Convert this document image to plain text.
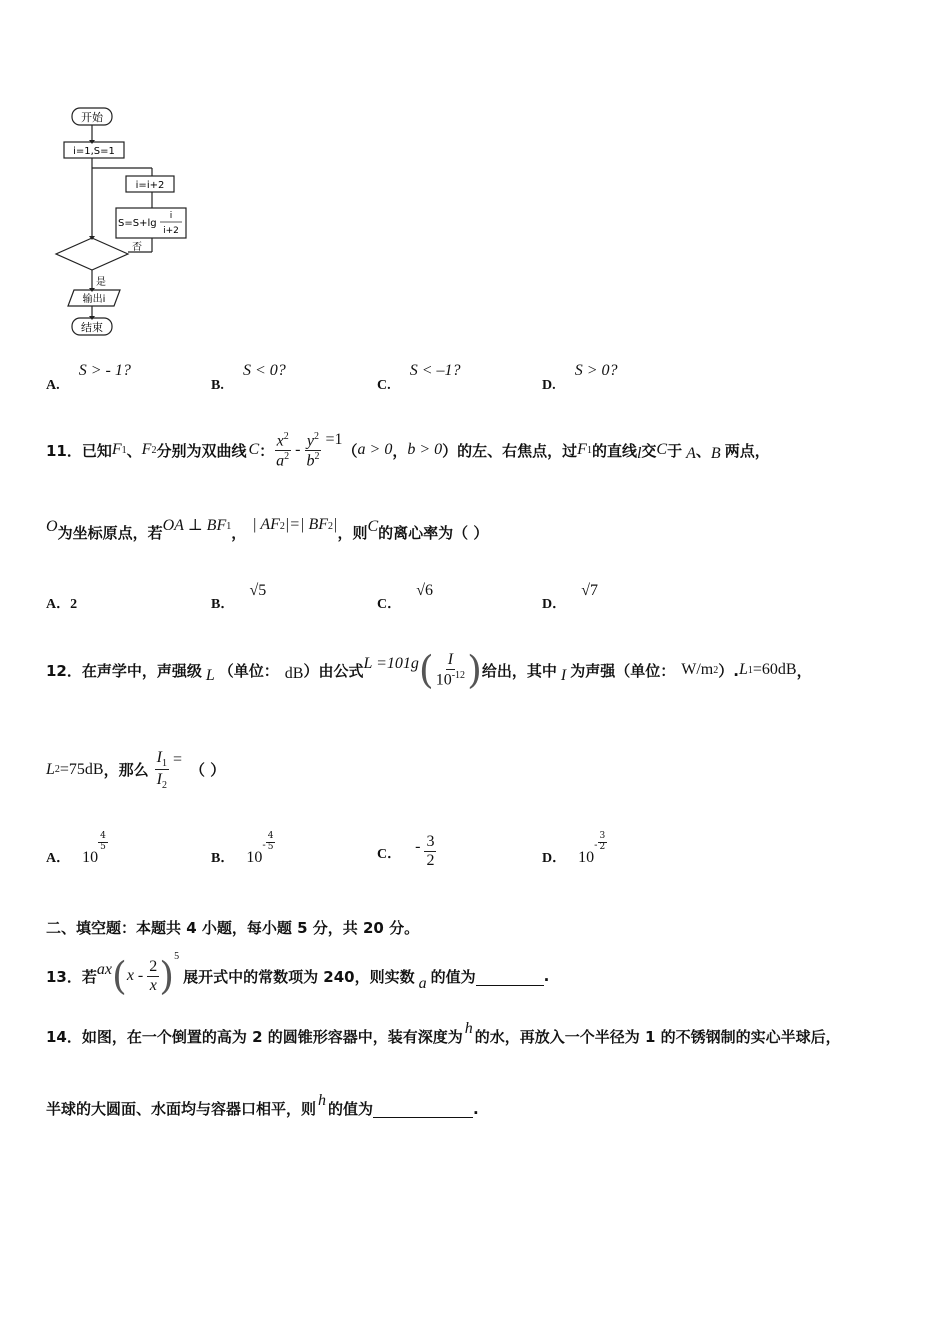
开始
i=1,S=1
i=i+2
S=S+lg
i
i+2
否
是
输出i
结束
A. S > - 1?
B. S < 0?
C. S < –1?
D. S > 0?
11．已知 F 1 、 F 2 分别为双曲线 C ： $\frac{x^2}{a^2} - \frac{y^2}{b^2} =1$
（ a > 0 ， b > 0 ）的左、右焦点，过 F 1 的直线 l 交 C 于 A 、 B 两点，
O 为坐标原点，若 OA ⊥ $BF_1$ ， | $AF_2$ |=| $BF_2$ | ，则 C 的离心率为（ ）
A．2	B． √5
C． √6
D． √7
12．在声学中，声强级 L （单位： dB ）由公式 L =101g ( $\frac{I}{10^{-12}}$ ) 给出，其中 I 为声强（单位： W/m 2 ）. L 1 =60dB ，
L 2 =75dB ，那么 $\frac{I_1}{I_2}$ =
（ ）
A． 10
$\frac{4}{5}$
B． 10
- $\frac{4}{5}$
C． - $\frac{3}{2}$	D． 10
- $\frac{3}{2}$
二、填空题：本题共 4 小题，每小题 5 分，共 20 分。
13．若 ax ( x - $\frac{2}{x}$ ) 5
展开式中的常数项为 240，则实数 a 的值为	.
14．如图，在一个倒置的高为 2 的圆锥形容器中，装有深度为 h 的水，再放入一个半径为 1 的不锈钢制的实心半球后，
半球的大圆面、水面均与容器口相平，则 h 的值为	.
